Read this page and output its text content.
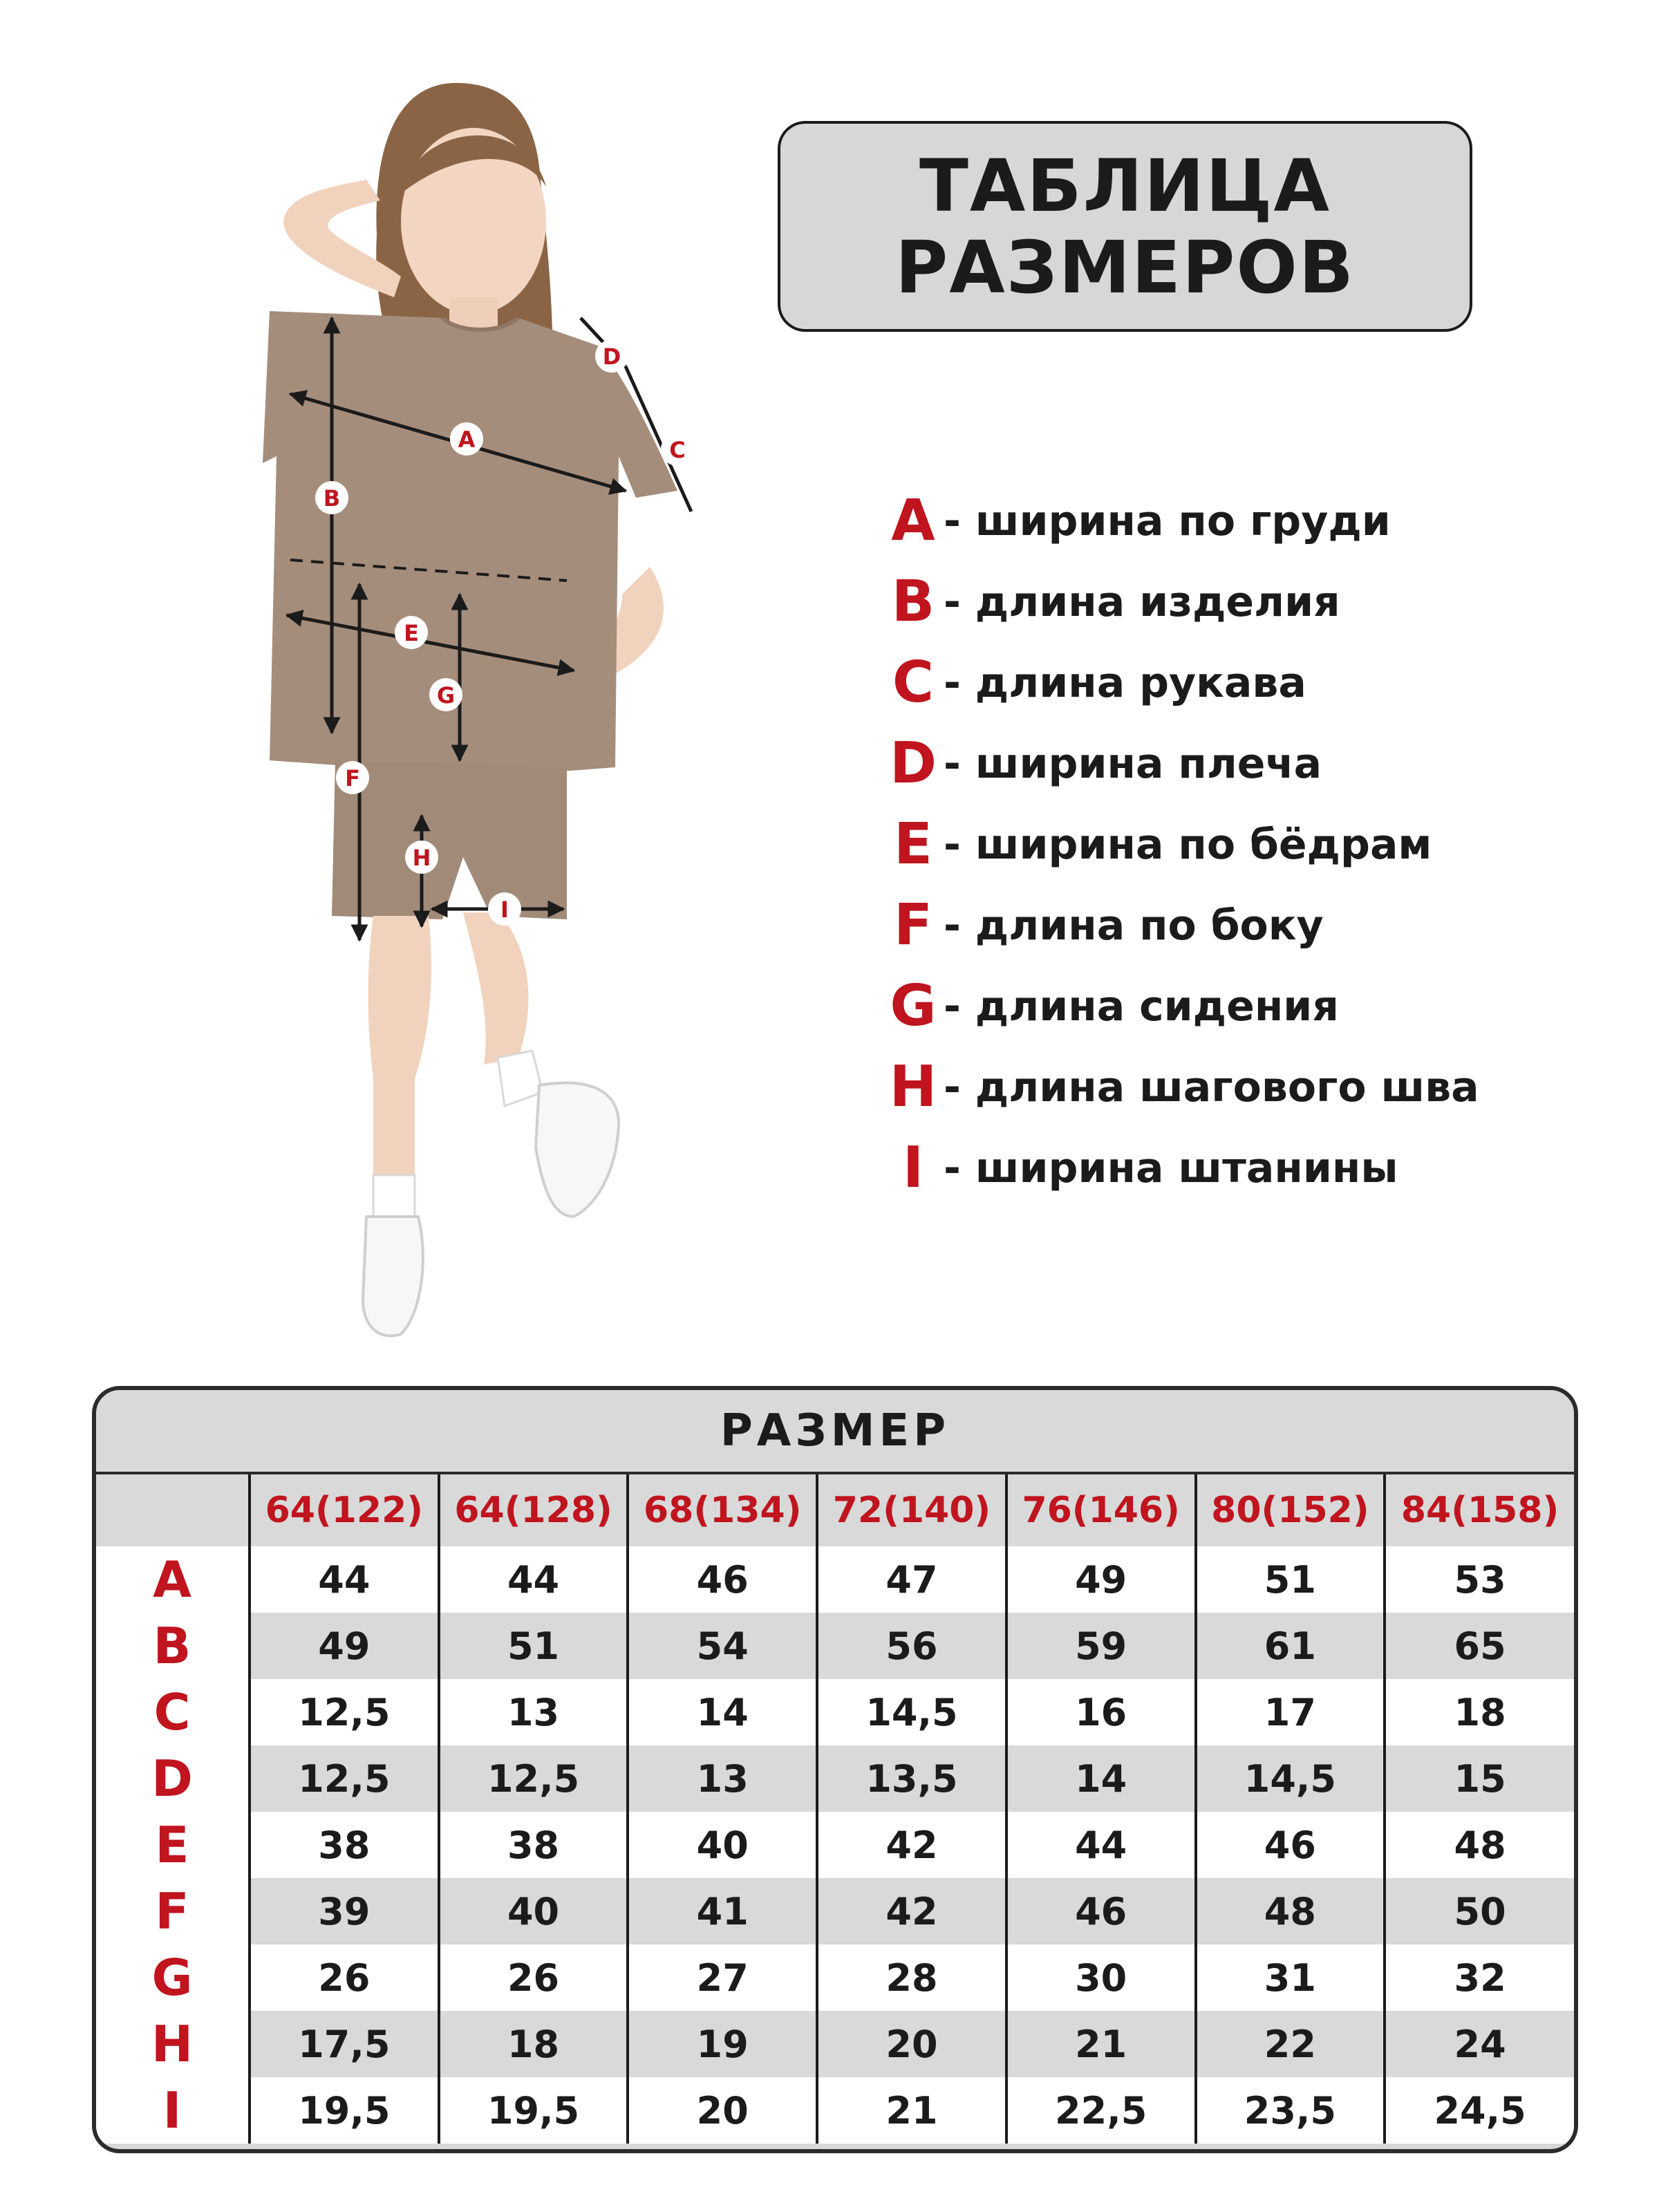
ТАБЛИЦА
РАЗМЕРОВ
A
B
C
D
E
F
G
H
I
A - ширина по груди
B - длина изделия
C - длина рукава
D - ширина плеча
E	- ширина по бёдрам
F	- длина по боку
G - длина сидения
H - длина шагового шва
I	- ширина штанины
РАЗМЕР
	64(122)	64(128)	68(134)	72(140)	76(146)	80(152)	84(158)
A	44	44	46	47	49	51	53
B	49	51	54	56	59	61	65
C	12,5	13	14	14,5	16	17	18
D	12,5	12,5	13	13,5	14	14,5	15
E	38	38	40	42	44	46	48
F	39	40	41	42	46	48	50
G	26	26	27	28	30	31	32
H	17,5	18	19	20	21	22	24
I	19,5	19,5	20	21	22,5	23,5	24,5
